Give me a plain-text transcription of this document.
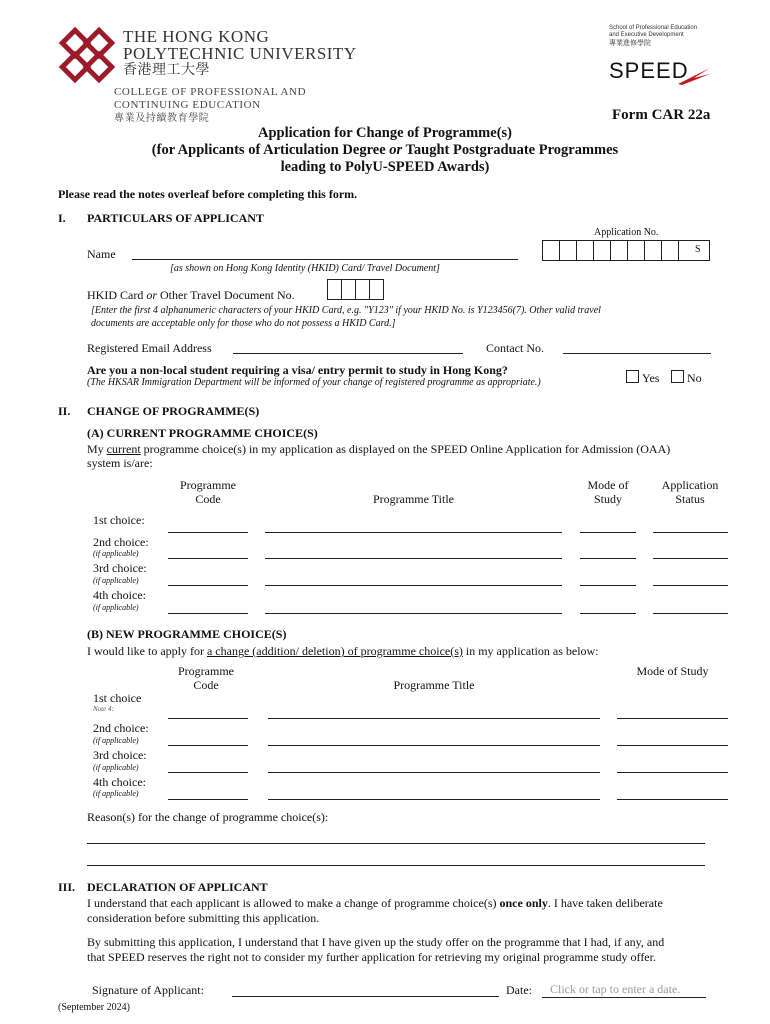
THE HONG KONG
POLYTECHNIC UNIVERSITY
香港理工大學
COLLEGE OF PROFESSIONAL AND
CONTINUING EDUCATION
專業及持續教育學院
School of Professional Education
and Executive Development
專業進修學院
SPEED
Form CAR 22a
Application for Change of Programme(s)
(for Applicants of Articulation Degree or Taught Postgraduate Programmes
leading to PolyU-SPEED Awards)
Please read the notes overleaf before completing this form.
I. PARTICULARS OF APPLICANT
Application No.
S
Name
[as shown on Hong Kong Identity (HKID) Card/ Travel Document]
HKID Card or Other Travel Document No.
[Enter the first 4 alphanumeric characters of your HKID Card, e.g. "Y123" if your HKID No. is Y123456(7). Other valid travel
documents are acceptable only for those who do not possess a HKID Card.]
Registered Email Address	Contact No.
Are you a non-local student requiring a visa/ entry permit to study in Hong Kong?
(The HKSAR Immigration Department will be informed of your change of registered programme as appropriate.)	Yes No
II. CHANGE OF PROGRAMME(S)
(A) CURRENT PROGRAMME CHOICE(S)
My current programme choice(s) in my application as displayed on the SPEED Online Application for Admission (OAA)
system is/are:
Programme
Code	Programme Title
Mode of
Study
Application
Status
1st choice:
2nd choice:
(if applicable)
3rd choice:
(if applicable)
4th choice:
(if applicable)
(B) NEW PROGRAMME CHOICE(S)
I would like to apply for a change (addition/ deletion) of programme choice(s) in my application as below:
Programme
Code	Programme Title
Mode of Study
1st choice
Note 4:
2nd choice:
(if applicable)
3rd choice:
(if applicable)
4th choice:
(if applicable)
Reason(s) for the change of programme choice(s):
III. DECLARATION OF APPLICANT
I understand that each applicant is allowed to make a change of programme choice(s) once only. I have taken deliberate
consideration before submitting this application.
By submitting this application, I understand that I have given up the study offer on the programme that I had, if any, and
that SPEED reserves the right not to consider my further application for retrieving my original programme study offer.
Signature of Applicant:	Date:	Click or tap to enter a date.
(September 2024)
